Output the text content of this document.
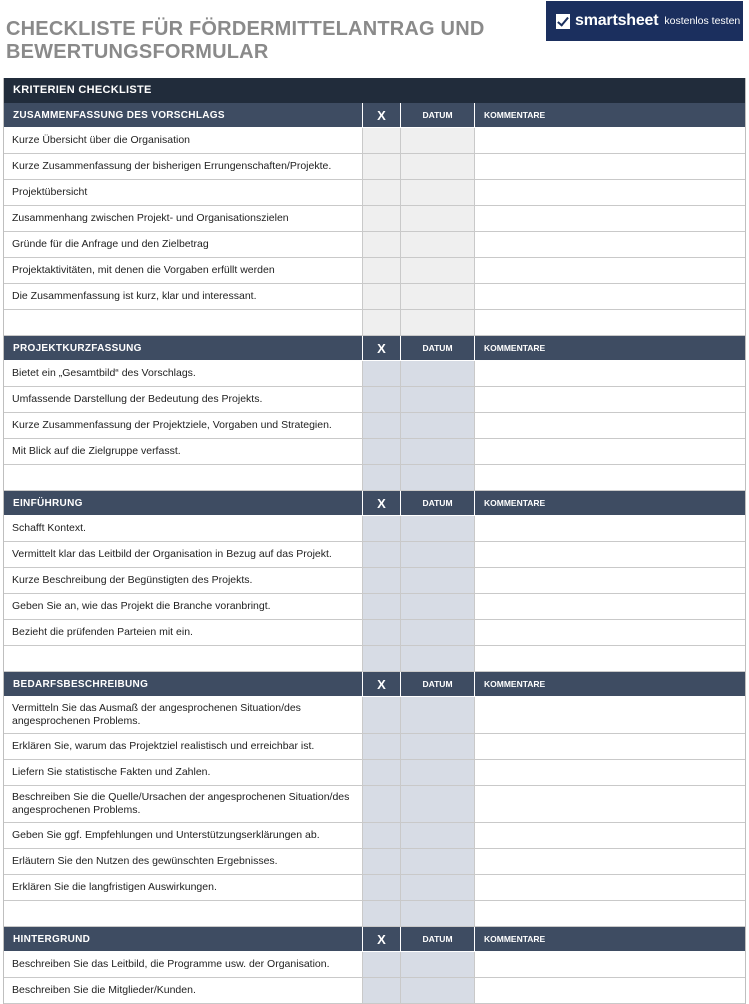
CHECKLISTE FÜR FÖRDERMITTELANTRAG UND BEWERTUNGSFORMULAR
smartsheet kostenlos testen
KRITERIEN CHECKLISTE
ZUSAMMENFASSUNG DES VORSCHLAGS	X	DATUM	KOMMENTARE
Kurze Übersicht über die Organisation
Kurze Zusammenfassung der bisherigen Errungenschaften/Projekte.
Projektübersicht
Zusammenhang zwischen Projekt- und Organisationszielen
Gründe für die Anfrage und den Zielbetrag
Projektaktivitäten, mit denen die Vorgaben erfüllt werden
Die Zusammenfassung ist kurz, klar und interessant.
PROJEKTKURZFASSUNG	X	DATUM	KOMMENTARE
Bietet ein „Gesamtbild“ des Vorschlags.
Umfassende Darstellung der Bedeutung des Projekts.
Kurze Zusammenfassung der Projektziele, Vorgaben und Strategien.
Mit Blick auf die Zielgruppe verfasst.
EINFÜHRUNG	X	DATUM	KOMMENTARE
Schafft Kontext.
Vermittelt klar das Leitbild der Organisation in Bezug auf das Projekt.
Kurze Beschreibung der Begünstigten des Projekts.
Geben Sie an, wie das Projekt die Branche voranbringt.
Bezieht die prüfenden Parteien mit ein.
BEDARFSBESCHREIBUNG	X	DATUM	KOMMENTARE
Vermitteln Sie das Ausmaß der angesprochenen Situation/des angesprochenen Problems.
Erklären Sie, warum das Projektziel realistisch und erreichbar ist.
Liefern Sie statistische Fakten und Zahlen.
Beschreiben Sie die Quelle/Ursachen der angesprochenen Situation/des angesprochenen Problems.
Geben Sie ggf. Empfehlungen und Unterstützungserklärungen ab.
Erläutern Sie den Nutzen des gewünschten Ergebnisses.
Erklären Sie die langfristigen Auswirkungen.
HINTERGRUND	X	DATUM	KOMMENTARE
Beschreiben Sie das Leitbild, die Programme usw. der Organisation.
Beschreiben Sie die Mitglieder/Kunden.
